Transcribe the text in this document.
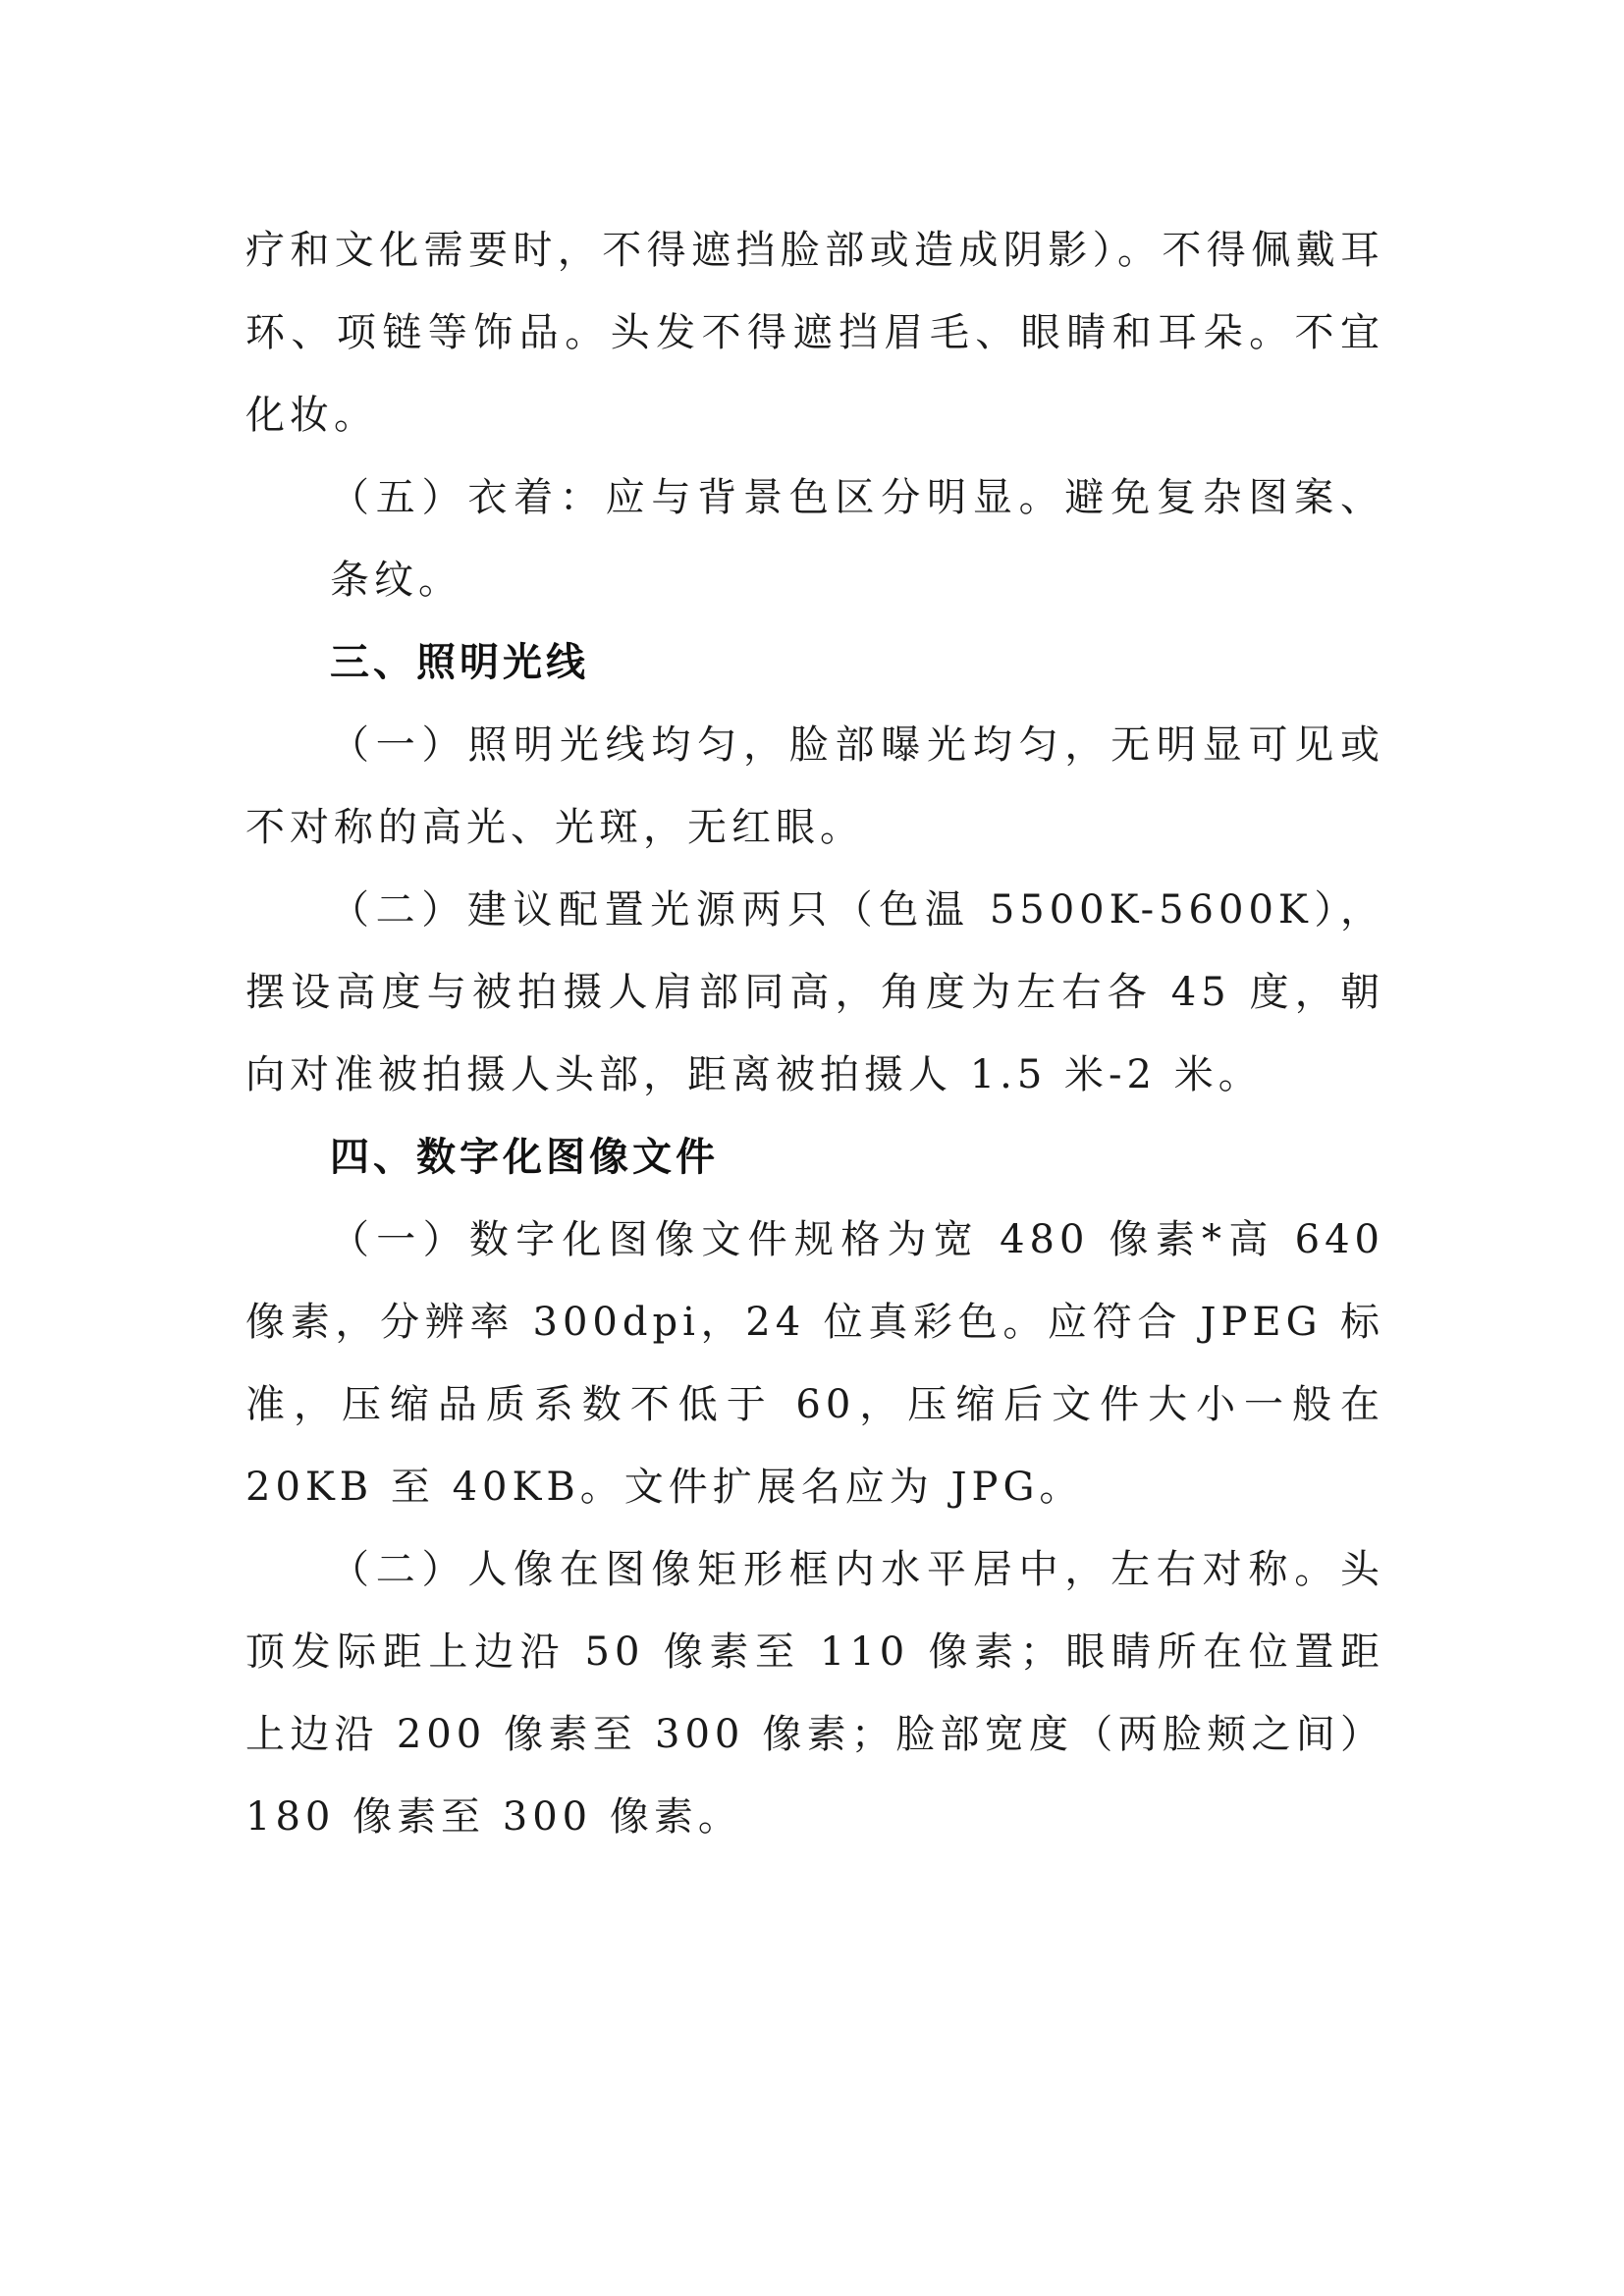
疗和文化需要时，不得遮挡脸部或造成阴影）。不得佩戴耳环、项链等饰品。头发不得遮挡眉毛、眼睛和耳朵。不宜化妆。

（五）衣着：应与背景色区分明显。避免复杂图案、条纹。

三、照明光线

（一）照明光线均匀，脸部曝光均匀，无明显可见或不对称的高光、光斑，无红眼。

（二）建议配置光源两只（色温 5500K-5600K），摆设高度与被拍摄人肩部同高，角度为左右各 45 度，朝向对准被拍摄人头部，距离被拍摄人 1.5 米-2 米。

四、数字化图像文件

（一）数字化图像文件规格为宽 480 像素*高 640 像素，分辨率 300dpi，24 位真彩色。应符合 JPEG 标准，压缩品质系数不低于 60，压缩后文件大小一般在 20KB 至 40KB。文件扩展名应为 JPG。

（二）人像在图像矩形框内水平居中，左右对称。头顶发际距上边沿 50 像素至 110 像素；眼睛所在位置距上边沿 200 像素至 300 像素；脸部宽度（两脸颊之间）180 像素至 300 像素。
